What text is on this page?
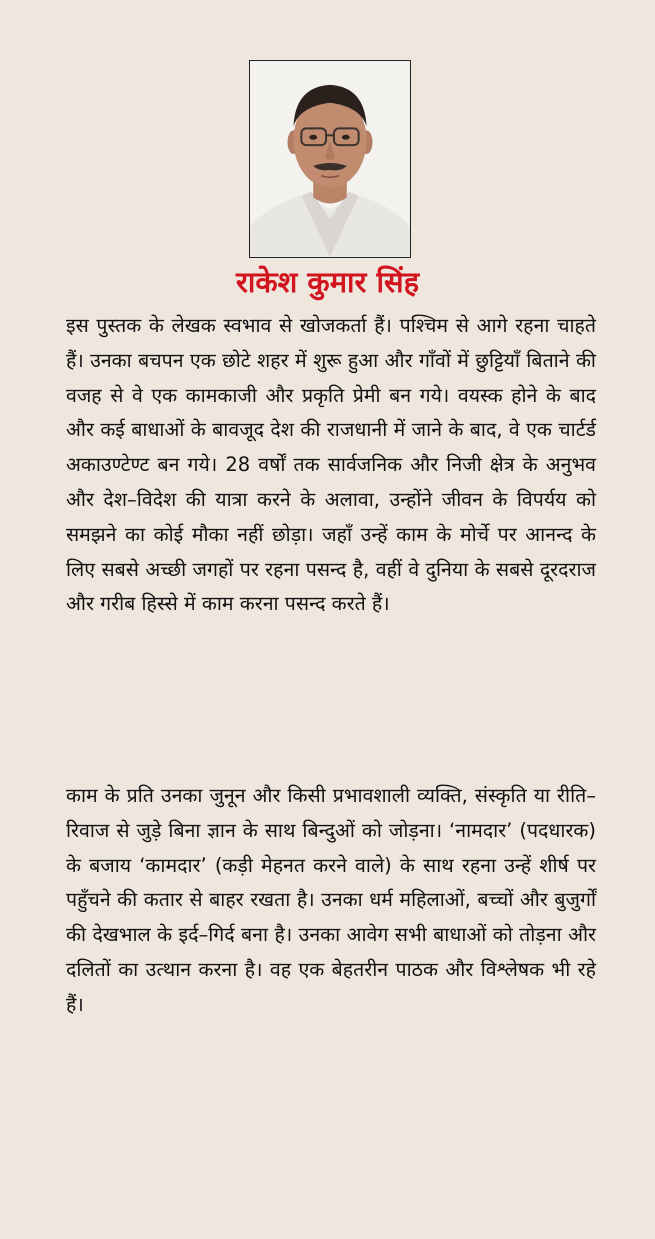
राकेश कुमार सिंह

इस पुस्तक के लेखक स्वभाव से खोजकर्ता हैं। पश्चिम से आगे रहना चाहते हैं। उनका बचपन एक छोटे शहर में शुरू हुआ और गाँवों में छुट्टियाँ बिताने की वजह से वे एक कामकाजी और प्रकृति प्रेमी बन गये। वयस्क होने के बाद और कई बाधाओं के बावजूद देश की राजधानी में जाने के बाद, वे एक चार्टर्ड अकाउण्टेण्ट बन गये। 28 वर्षों तक सार्वजनिक और निजी क्षेत्र के अनुभव और देश–विदेश की यात्रा करने के अलावा, उन्होंने जीवन के विपर्यय को समझने का कोई मौका नहीं छोड़ा। जहाँ उन्हें काम के मोर्चे पर आनन्द के लिए सबसे अच्छी जगहों पर रहना पसन्द है, वहीं वे दुनिया के सबसे दूरदराज और गरीब हिस्से में काम करना पसन्द करते हैं।

काम के प्रति उनका जुनून और किसी प्रभावशाली व्यक्ति, संस्कृति या रीति–रिवाज से जुड़े बिना ज्ञान के साथ बिन्दुओं को जोड़ना। ‘नामदार’ (पदधारक) के बजाय ‘कामदार’ (कड़ी मेहनत करने वाले) के साथ रहना उन्हें शीर्ष पर पहुँचने की कतार से बाहर रखता है। उनका धर्म महिलाओं, बच्चों और बुजुर्गों की देखभाल के इर्द–गिर्द बना है। उनका आवेग सभी बाधाओं को तोड़ना और दलितों का उत्थान करना है। वह एक बेहतरीन पाठक और विश्लेषक भी रहे हैं।
